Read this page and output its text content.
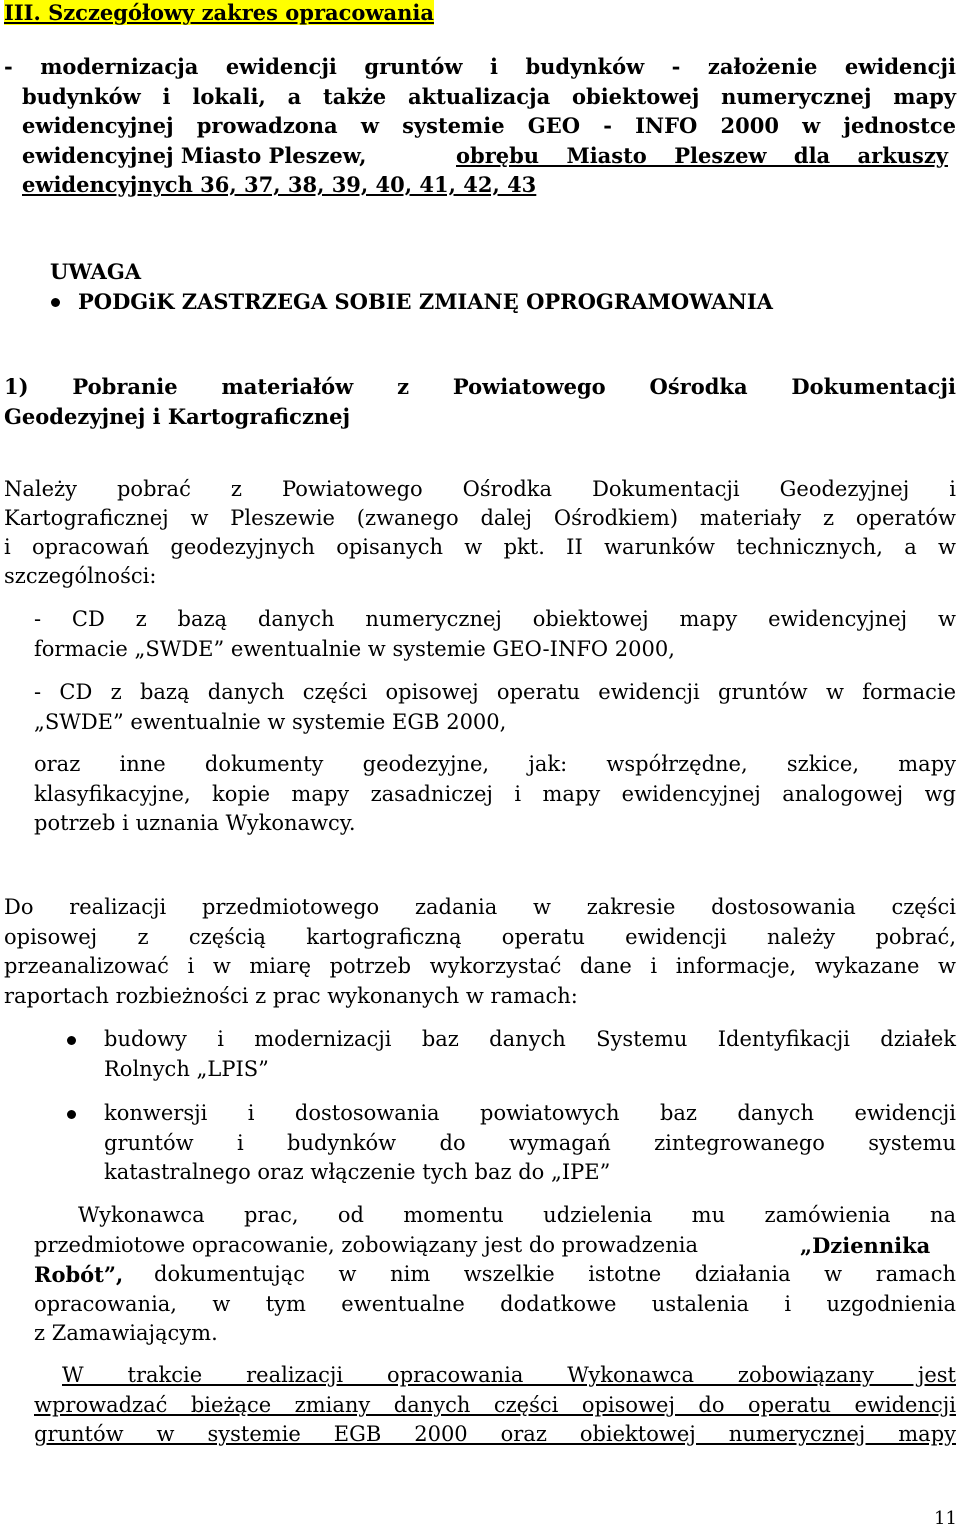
III. Szczegółowy zakres opracowania
- modernizacja ewidencji gruntów i budynków - założenie ewidencji
budynków i lokali, a także aktualizacja obiektowej numerycznej mapy
ewidencyjnej prowadzona w systemie GEO - INFO 2000 w jednostce
ewidencyjnej Miasto Pleszew,	obrębu Miasto Pleszew dla arkuszy
ewidencyjnych 36, 37, 38, 39, 40, 41, 42, 43
UWAGA
PODGiK ZASTRZEGA SOBIE ZMIANĘ OPROGRAMOWANIA
1) Pobranie materiałów z Powiatowego Ośrodka Dokumentacji
Geodezyjnej i Kartograficznej
Należy pobrać z Powiatowego Ośrodka Dokumentacji Geodezyjnej i
Kartograficznej w Pleszewie (zwanego dalej Ośrodkiem) materiały z operatów
i opracowań geodezyjnych opisanych w pkt. II warunków technicznych, a w
szczególności:
- CD z bazą danych numerycznej obiektowej mapy ewidencyjnej w
formacie „SWDE” ewentualnie w systemie GEO-INFO 2000,
- CD z bazą danych części opisowej operatu ewidencji gruntów w formacie
„SWDE” ewentualnie w systemie EGB 2000,
oraz inne dokumenty geodezyjne, jak: współrzędne, szkice, mapy
klasyfikacyjne, kopie mapy zasadniczej i mapy ewidencyjnej analogowej wg
potrzeb i uznania Wykonawcy.
Do realizacji przedmiotowego zadania w zakresie dostosowania części
opisowej z częścią kartograficzną operatu ewidencji należy pobrać,
przeanalizować i w miarę potrzeb wykorzystać dane i informacje, wykazane w
raportach rozbieżności z prac wykonanych w ramach:
budowy i modernizacji baz danych Systemu Identyfikacji działek
Rolnych „LPIS”
konwersji i dostosowania powiatowych baz danych ewidencji
gruntów i budynków do wymagań zintegrowanego systemu
katastralnego oraz włączenie tych baz do „IPE”
Wykonawca prac, od momentu udzielenia mu zamówienia na
przedmiotowe opracowanie, zobowiązany jest do prowadzenia	„Dziennika
Robót”, dokumentując w nim wszelkie istotne działania w ramach
opracowania, w tym ewentualne dodatkowe ustalenia i uzgodnienia
z Zamawiającym.
W trakcie realizacji opracowania Wykonawca zobowiązany jest
wprowadzać bieżące zmiany danych części opisowej do operatu ewidencji
gruntów w systemie EGB 2000 oraz obiektowej numerycznej mapy
11
